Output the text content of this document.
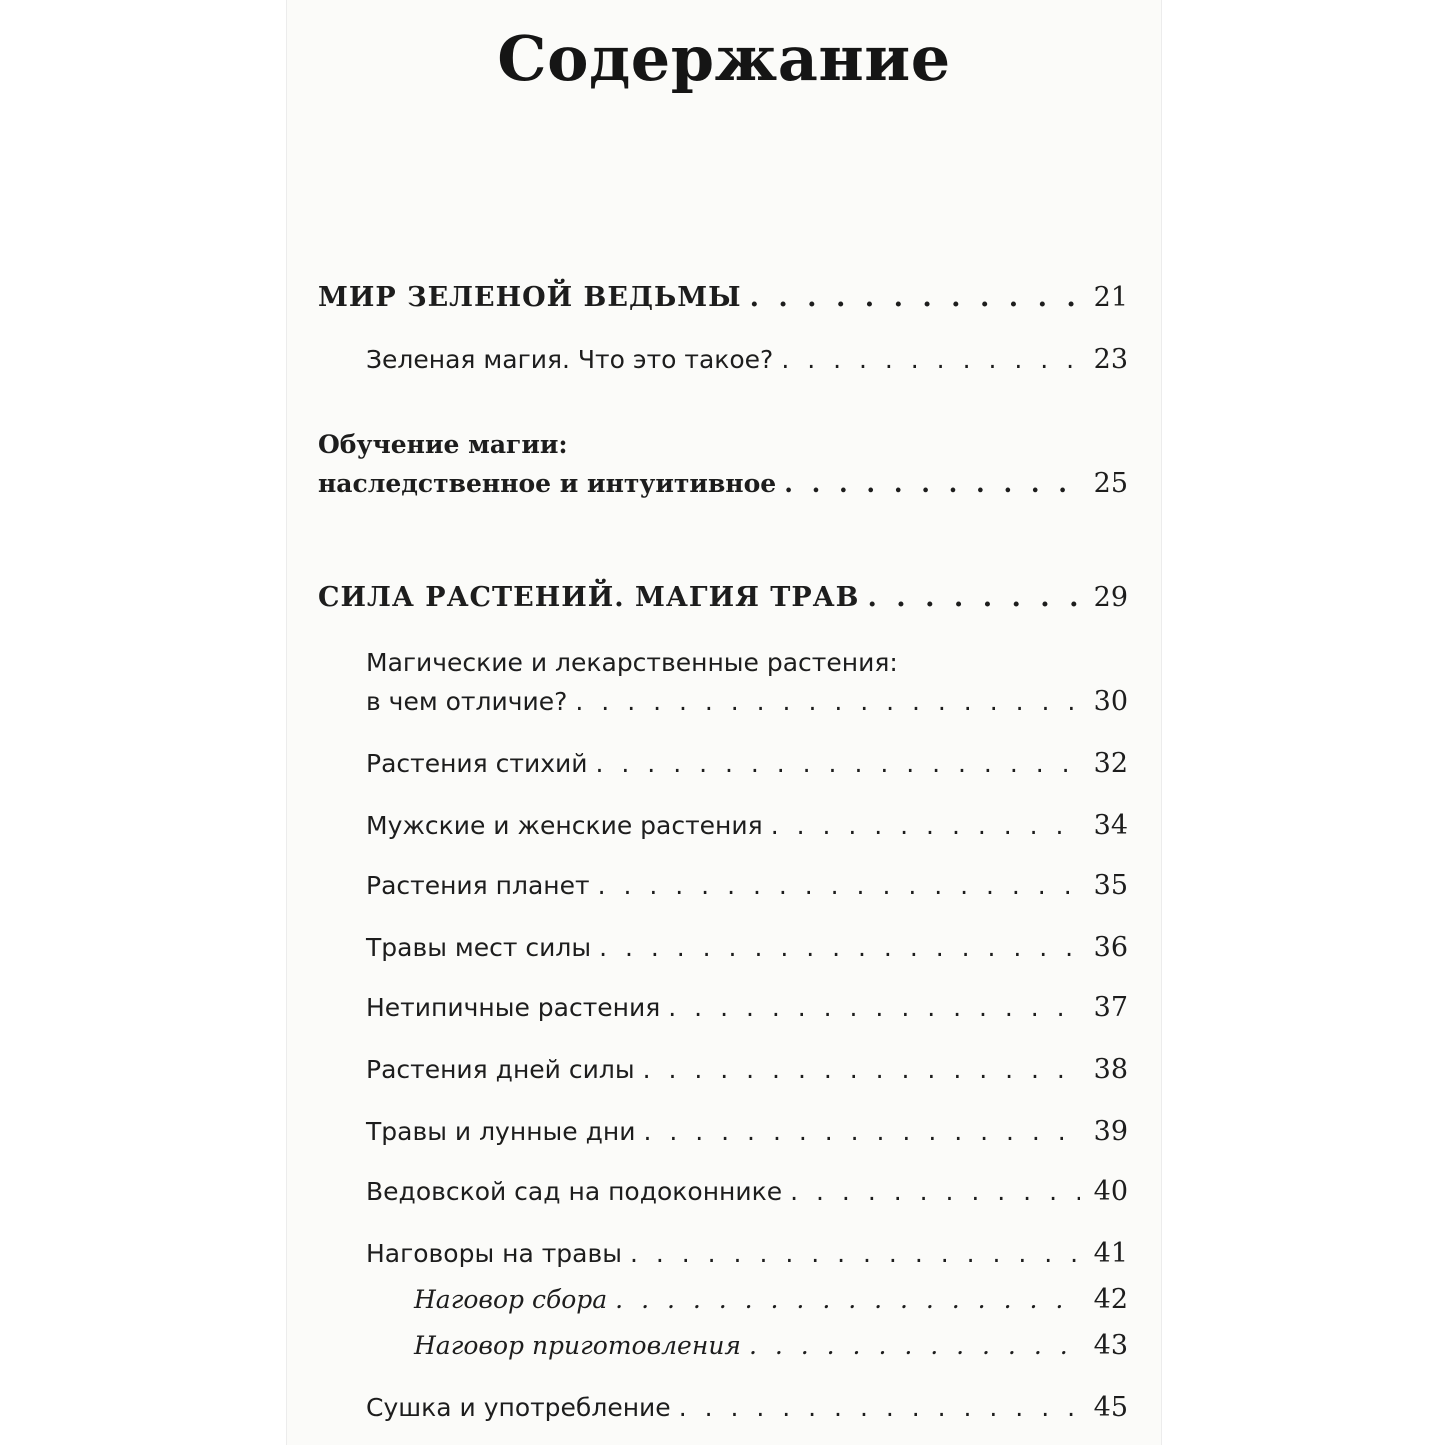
Содержание
МИР ЗЕЛЕНОЙ ВЕДЬМЫ . . .	21
Зеленая магия. Что это такое? . . .	23
Обучение магии:
наследственное и интуитивное . . .	25
СИЛА РАСТЕНИЙ. МАГИЯ ТРАВ . . .	29
Магические и лекарственные растения:
в чем отличие? . . .	30
Растения стихий . . .	32
Мужские и женские растения . . .	34
Растения планет . . .	35
Травы мест силы . . .	36
Нетипичные растения . . .	37
Растения дней силы . . .	38
Травы и лунные дни . . .	39
Ведовской сад на подоконнике . . .	40
Наговоры на травы . . .	41
Наговор сбора . . .	42
Наговор приготовления . . .	43
Сушка и употребление . . .	45
